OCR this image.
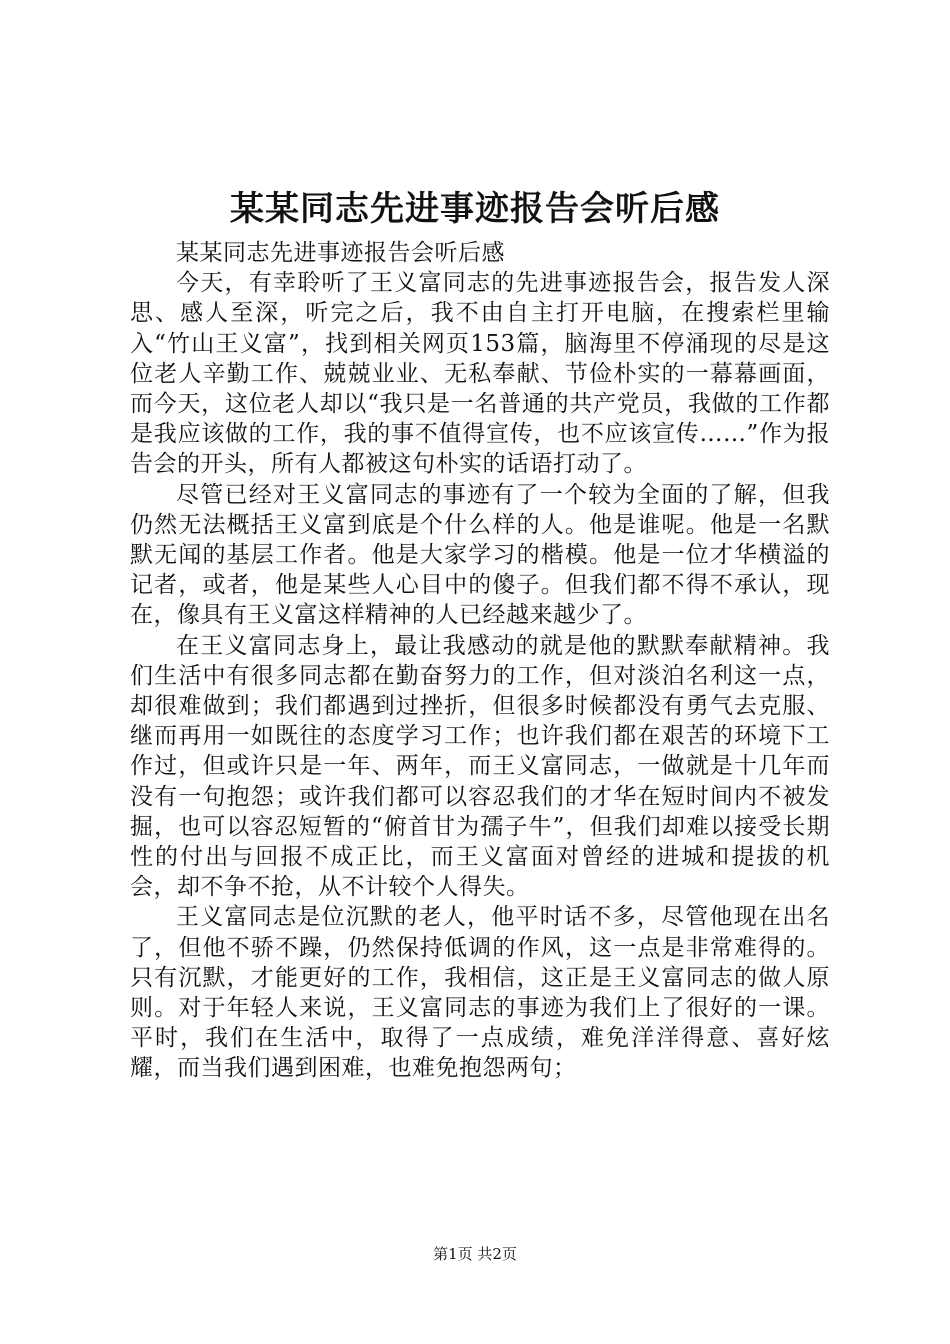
某某同志先进事迹报告会听后感

某某同志先进事迹报告会听后感

今天，有幸聆听了王义富同志的先进事迹报告会，报告发人深思、感人至深，听完之后，我不由自主打开电脑，在搜索栏里输入“竹山王义富”，找到相关网页153篇，脑海里不停涌现的尽是这位老人辛勤工作、兢兢业业、无私奉献、节俭朴实的一幕幕画面，而今天，这位老人却以“我只是一名普通的共产党员，我做的工作都是我应该做的工作，我的事不值得宣传，也不应该宣传……”作为报告会的开头，所有人都被这句朴实的话语打动了。

尽管已经对王义富同志的事迹有了一个较为全面的了解，但我仍然无法概括王义富到底是个什么样的人。他是谁呢。他是一名默默无闻的基层工作者。他是大家学习的楷模。他是一位才华横溢的记者，或者，他是某些人心目中的傻子。但我们都不得不承认，现在，像具有王义富这样精神的人已经越来越少了。

在王义富同志身上，最让我感动的就是他的默默奉献精神。我们生活中有很多同志都在勤奋努力的工作，但对淡泊名利这一点，却很难做到；我们都遇到过挫折，但很多时候都没有勇气去克服、继而再用一如既往的态度学习工作；也许我们都在艰苦的环境下工作过，但或许只是一年、两年，而王义富同志，一做就是十几年而没有一句抱怨；或许我们都可以容忍我们的才华在短时间内不被发掘，也可以容忍短暂的“俯首甘为孺子牛”，但我们却难以接受长期性的付出与回报不成正比，而王义富面对曾经的进城和提拔的机会，却不争不抢，从不计较个人得失。

王义富同志是位沉默的老人，他平时话不多，尽管他现在出名了，但他不骄不躁，仍然保持低调的作风，这一点是非常难得的。只有沉默，才能更好的工作，我相信，这正是王义富同志的做人原则。对于年轻人来说，王义富同志的事迹为我们上了很好的一课。平时，我们在生活中，取得了一点成绩，难免洋洋得意、喜好炫耀，而当我们遇到困难，也难免抱怨两句；

第1页 共2页
